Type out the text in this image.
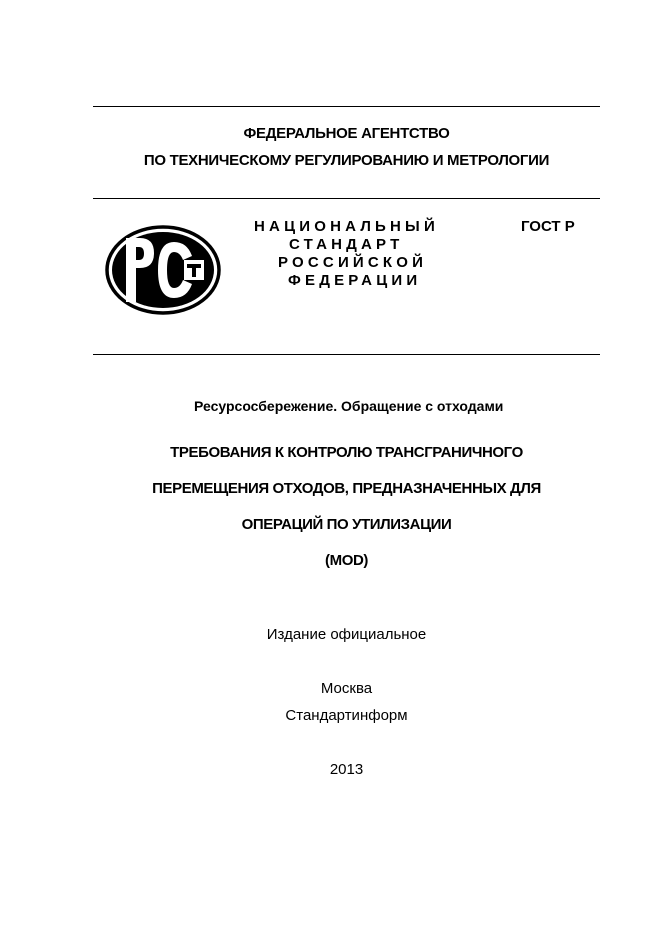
ФЕДЕРАЛЬНОЕ АГЕНТСТВО
ПО ТЕХНИЧЕСКОМУ РЕГУЛИРОВАНИЮ И МЕТРОЛОГИИ
НАЦИОНАЛЬНЫЙ
СТАНДАРТ
РОССИЙСКОЙ
ФЕДЕРАЦИИ
ГОСТ Р
Ресурсосбережение. Обращение с отходами
ТРЕБОВАНИЯ К КОНТРОЛЮ ТРАНСГРАНИЧНОГО
ПЕРЕМЕЩЕНИЯ ОТХОДОВ, ПРЕДНАЗНАЧЕННЫХ ДЛЯ
ОПЕРАЦИЙ ПО УТИЛИЗАЦИИ
(MOD)
Издание официальное
Москва
Стандартинформ
2013
